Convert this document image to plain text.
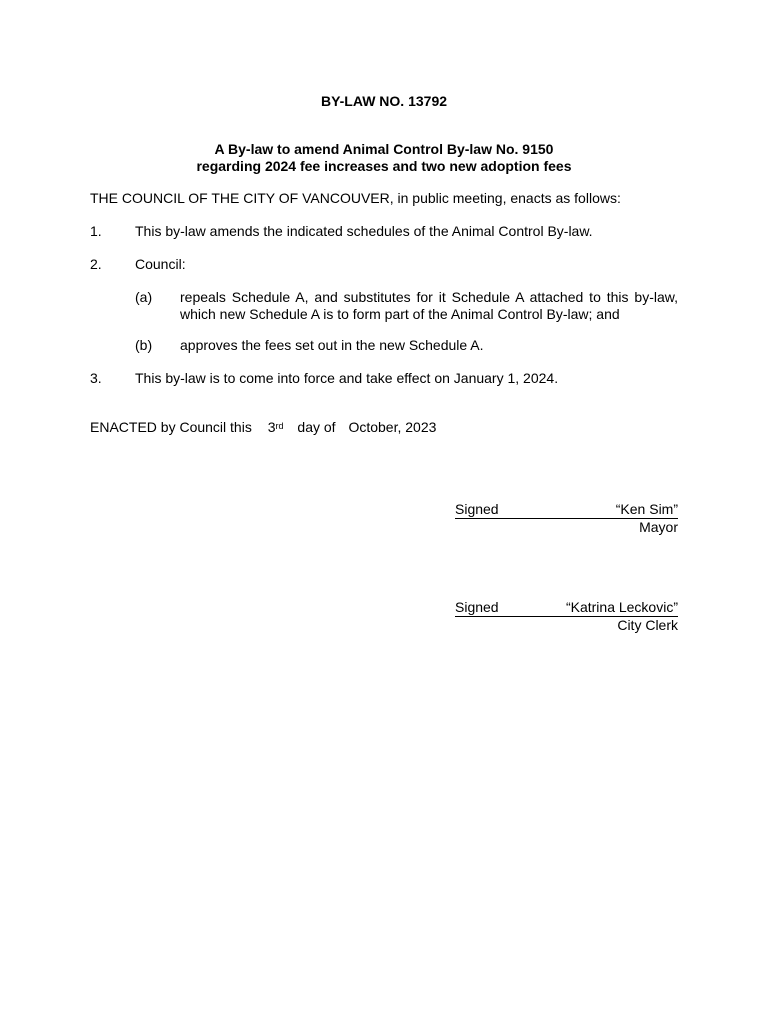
BY-LAW NO. 13792
A By-law to amend Animal Control By-law No. 9150
regarding 2024 fee increases and two new adoption fees
THE COUNCIL OF THE CITY OF VANCOUVER, in public meeting, enacts as follows:
1. This by-law amends the indicated schedules of the Animal Control By-law.
2. Council:
(a) repeals Schedule A, and substitutes for it Schedule A attached to this by-law,
which new Schedule A is to form part of the Animal Control By-law; and
(b) approves the fees set out in the new Schedule A.
3. This by-law is to come into force and take effect on January 1, 2024.
ENACTED by Council this 3rd day of October, 2023
Signed	“Ken Sim”
Mayor
Signed	“Katrina Leckovic”
City Clerk
